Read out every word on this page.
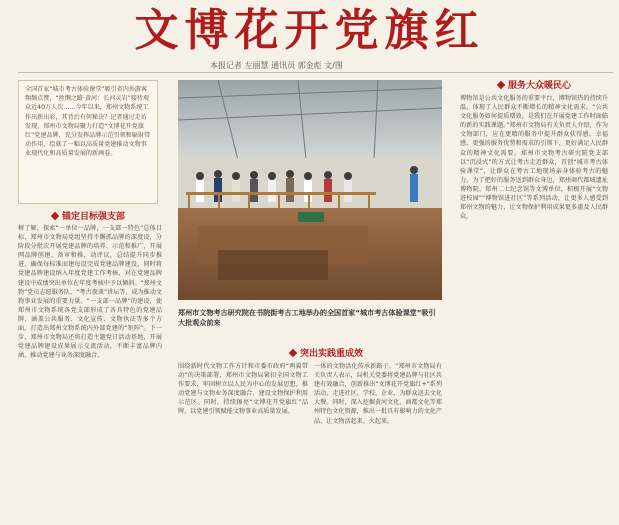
文博花开党旗红
本报记者 左丽慧 通讯员 郭金彪 文/图
全国首家“城市考古体验课堂”吸引省内外游客频频点赞，“丝绸之路·黄河：长河灵岩”接待观众近40万人次……今年以来，郑州文物系统工作出新出彩，其背后有何秘诀？记者通过走访发现，郑州市文物局聚力打造“文博花开党旗红”党建品牌，充分发挥品牌示范引领和辐射带动作用，绘就了一幅以高质量党建推动文物事业现代化和高质量发展的新画卷。
锚定目标强支部
树了解，探索“一单位一品牌，一支部一特色”总体目标，郑州市文物局党组坚持不懈抓品牌的深度设，分阶段分批次开展党建品牌的培养、示范和推广，开展网品牌创建、备审和推，动评议，总结提升同步推进，确保每标准而建每设完成党建品牌建设，同时将党建品牌建设纳入年度党建工作考核，对在党建品牌建设中成绩突出单位在年度考核中予以倾斜。“郑州文物”党员志愿服务队、“考古夜谈”讲坛等，成为推动文物事业发展的重要力量。“一支部一品牌”的建设，使郑州市文物系统各党支部形成了各具特色的党建品牌，涵盖公共服务、文化宣传、文物执法等多个方面，打造出郑州文物系统内外部党建的“矩阵”。下一步，郑州市文物局还将打造主题党日活动基地，开展党建品牌建设成果展示交流活动，不断丰富品牌内涵，推动党建与业务深度融合。
郑州市文物考古研究院在书院街考古工地举办的全国首家“城市考古体验课堂”吸引大批观众前来
突出实践重成效
围绕新时代文物工作方针和市委市政府“两翼带动”的决策部署，郑州市文物局紧扣全国文物工作要求，牢固树立以人民为中心的发展思想，推动党建与文物业务深度融合，建设文物保护利用示范区。同时，持续擦亮“文博花开党旗红”品牌，以党建引领赋能文物事业高质量发展。
一体的文物活化传承新路子。“郑州市文物局有关负责人表示，局机关党委将党建品牌与社区共建有效融合，创新推出“文博花开党旗红+”系列活动，走进社区、学校、企业，为群众送去文化大餐。同时，深入挖掘黄河文化、商都文化等郑州特色文化资源，推出一批具有影响力的文化产品，让文物活起来、火起来。
服务大众暖民心
博物馆是公共文化服务的重要平台，博物馆热的持续升温，体现了人民群众不断增长的精神文化需求。“公共文化服务如何提质增效，是我们在开展党建工作时面临的新的实践课题。”郑州市文物局有关负责人介绍，作为文物部门，应在更精的服务中提升群众获得感、幸福感，更强的服务优势和需求的引领下，更好满足人民群众的精神文化需要。郑州市文物考古研究院党支部以“沉浸式”的方式让考古走近群众，首创“城市考古体验课堂”，让群众在考古工地现场亲身体验考古的魅力。为了把好的服务送到群众身边，郑州商代都城遗址博物院、郑州二七纪念馆等文博单位，积极开展“文物进校园”“博物馆进社区”等系列活动，让更多人感受到郑州文物的魅力，让文物保护利用成果更多惠及人民群众。
